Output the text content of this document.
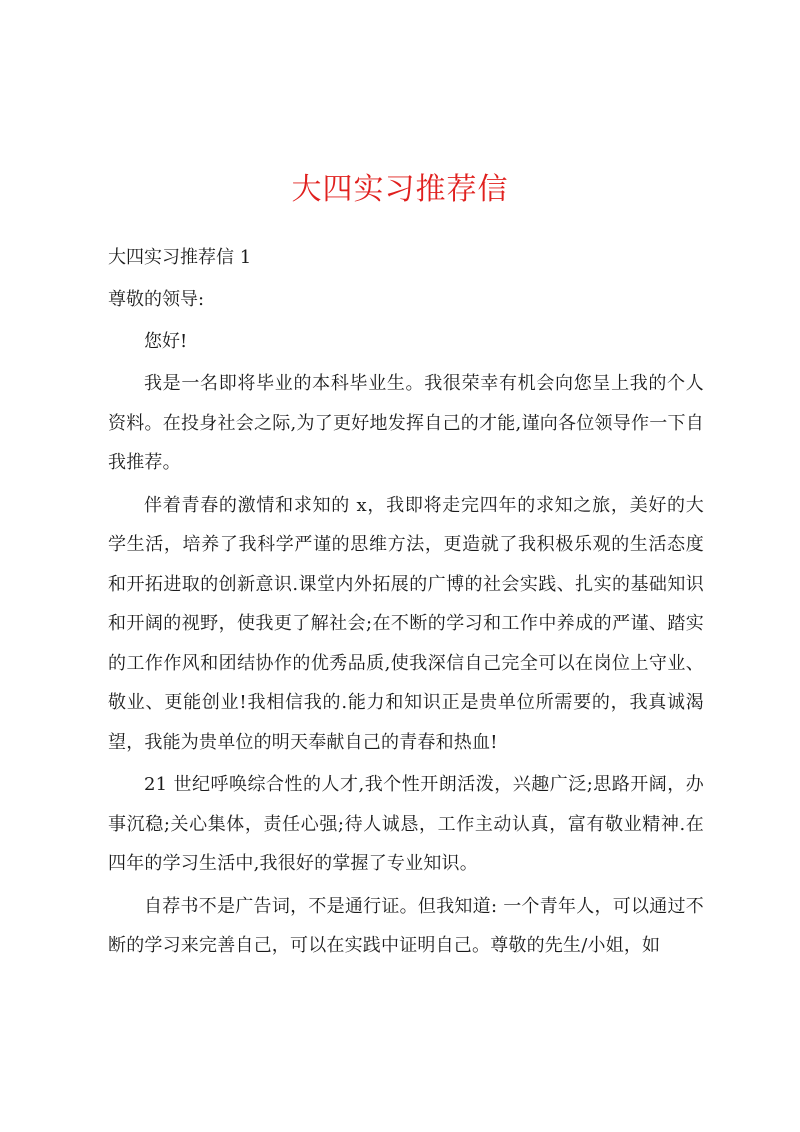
大四实习推荐信
大四实习推荐信 1
尊敬的领导:
您好!

我是一名即将毕业的本科毕业生。我很荣幸有机会向您呈上我的个人资料。在投身社会之际,为了更好地发挥自己的才能,谨向各位领导作一下自我推荐。

伴着青春的激情和求知的 x，我即将走完四年的求知之旅，美好的大学生活，培养了我科学严谨的思维方法，更造就了我积极乐观的生活态度和开拓进取的创新意识.课堂内外拓展的广博的社会实践、扎实的基础知识和开阔的视野，使我更了解社会;在不断的学习和工作中养成的严谨、踏实的工作作风和团结协作的优秀品质,使我深信自己完全可以在岗位上守业、敬业、更能创业!我相信我的.能力和知识正是贵单位所需要的，我真诚渴望，我能为贵单位的明天奉献自己的青春和热血!

21 世纪呼唤综合性的人才,我个性开朗活泼，兴趣广泛;思路开阔，办事沉稳;关心集体，责任心强;待人诚恳，工作主动认真，富有敬业精神.在四年的学习生活中,我很好的掌握了专业知识。

自荐书不是广告词，不是通行证。但我知道: 一个青年人，可以通过不断的学习来完善自己，可以在实践中证明自己。尊敬的先生/小姐，如
